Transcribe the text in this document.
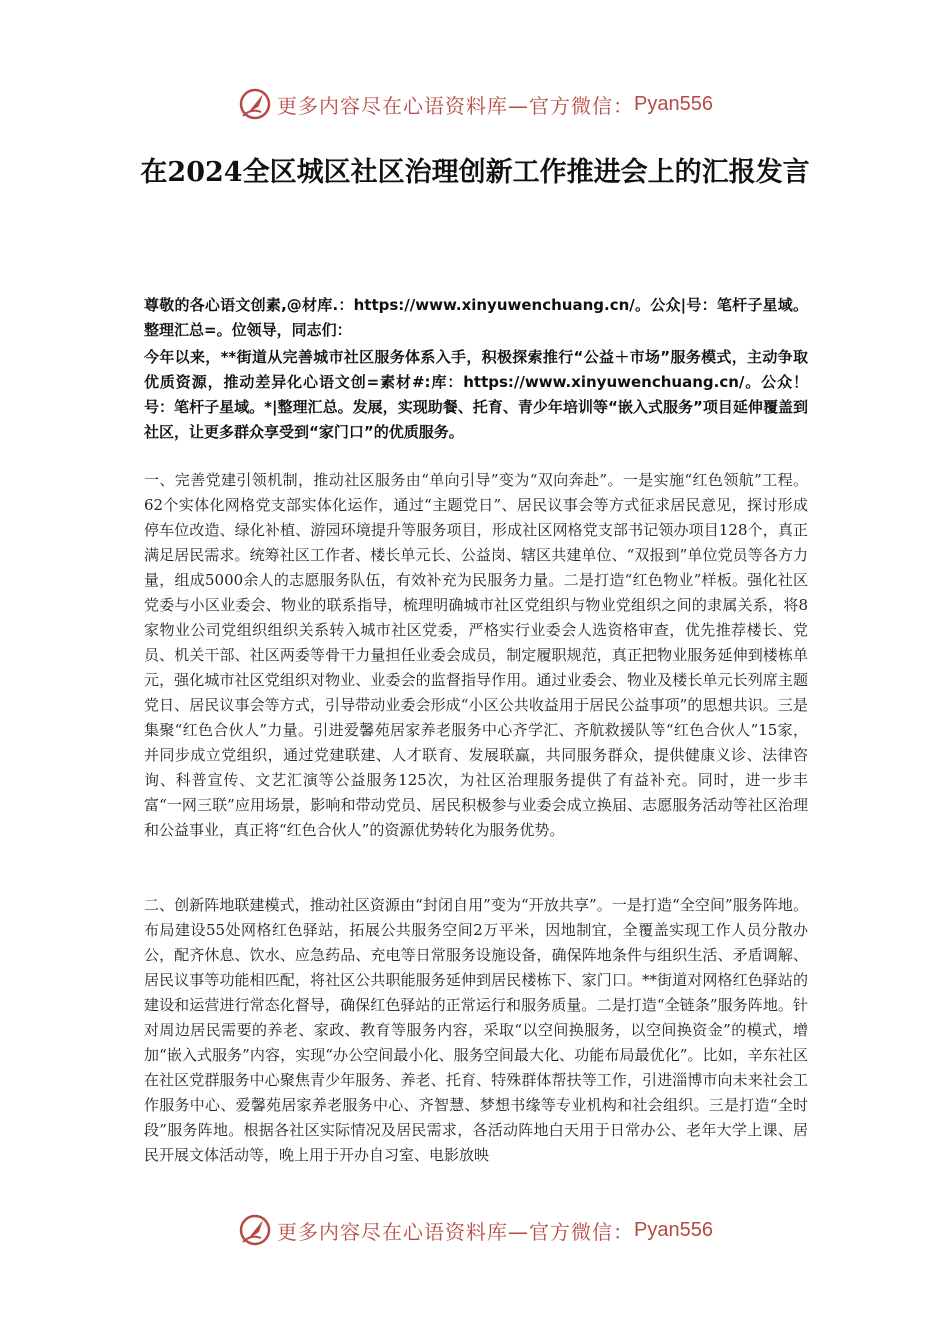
更多内容尽在心语资料库—官方微信： Pyan556
在2024全区城区社区治理创新工作推进会上的汇报发言
尊敬的各心语文创素,@材库.：https://www.xinyuwenchuang.cn/。公众|号：笔杆子星域。整理汇总=。位领导，同志们：
今年以来，**街道从完善城市社区服务体系入手，积极探索推行“公益＋市场”服务模式，主动争取优质资源，推动差异化心语文创=素材#:库：https://www.xinyuwenchuang.cn/。公众！号：笔杆子星域。*|整理汇总。发展，实现助餐、托育、青少年培训等“嵌入式服务”项目延伸覆盖到社区，让更多群众享受到“家门口”的优质服务。
一、完善党建引领机制，推动社区服务由“单向引导”变为“双向奔赴”。一是实施“红色领航”工程。62个实体化网格党支部实体化运作，通过“主题党日”、居民议事会等方式征求居民意见，探讨形成停车位改造、绿化补植、游园环境提升等服务项目，形成社区网格党支部书记领办项目128个，真正满足居民需求。统筹社区工作者、楼长单元长、公益岗、辖区共建单位、“双报到”单位党员等各方力量，组成5000余人的志愿服务队伍，有效补充为民服务力量。二是打造“红色物业”样板。强化社区党委与小区业委会、物业的联系指导，梳理明确城市社区党组织与物业党组织之间的隶属关系，将8家物业公司党组织组织关系转入城市社区党委，严格实行业委会人选资格审查，优先推荐楼长、党员、机关干部、社区两委等骨干力量担任业委会成员，制定履职规范，真正把物业服务延伸到楼栋单元，强化城市社区党组织对物业、业委会的监督指导作用。通过业委会、物业及楼长单元长列席主题党日、居民议事会等方式，引导带动业委会形成“小区公共收益用于居民公益事项”的思想共识。三是集聚“红色合伙人”力量。引进爱馨苑居家养老服务中心齐学汇、齐航救援队等“红色合伙人”15家，并同步成立党组织，通过党建联建、人才联育、发展联赢，共同服务群众，提供健康义诊、法律咨询、科普宣传、文艺汇演等公益服务125次，为社区治理服务提供了有益补充。同时，进一步丰富“一网三联”应用场景，影响和带动党员、居民积极参与业委会成立换届、志愿服务活动等社区治理和公益事业，真正将“红色合伙人”的资源优势转化为服务优势。
二、创新阵地联建模式，推动社区资源由“封闭自用”变为“开放共享”。一是打造“全空间”服务阵地。布局建设55处网格红色驿站，拓展公共服务空间2万平米，因地制宜，全覆盖实现工作人员分散办公，配齐休息、饮水、应急药品、充电等日常服务设施设备，确保阵地条件与组织生活、矛盾调解、居民议事等功能相匹配，将社区公共职能服务延伸到居民楼栋下、家门口。**街道对网格红色驿站的建设和运营进行常态化督导，确保红色驿站的正常运行和服务质量。二是打造“全链条”服务阵地。针对周边居民需要的养老、家政、教育等服务内容，采取“以空间换服务，以空间换资金”的模式，增加“嵌入式服务”内容，实现“办公空间最小化、服务空间最大化、功能布局最优化”。比如，辛东社区在社区党群服务中心聚焦青少年服务、养老、托育、特殊群体帮扶等工作，引进淄博市向未来社会工作服务中心、爱馨苑居家养老服务中心、齐智慧、梦想书缘等专业机构和社会组织。三是打造“全时段”服务阵地。根据各社区实际情况及居民需求，各活动阵地白天用于日常办公、老年大学上课、居民开展文体活动等，晚上用于开办自习室、电影放映
更多内容尽在心语资料库—官方微信： Pyan556
